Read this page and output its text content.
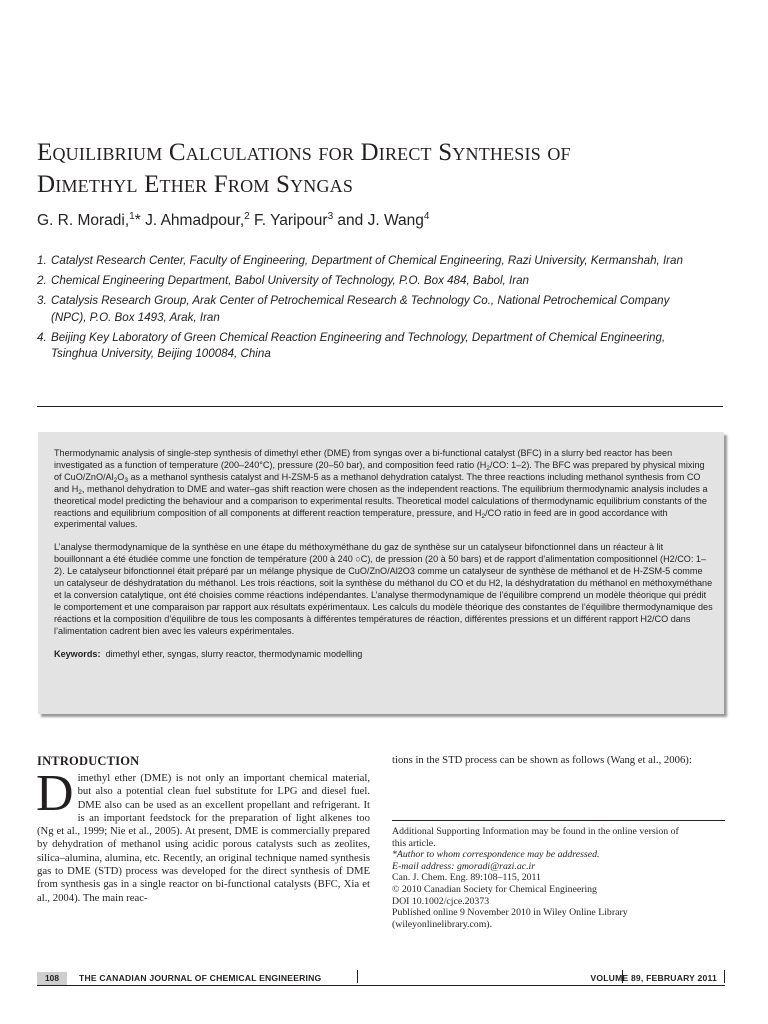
Equilibrium Calculations for Direct Synthesis of
Dimethyl Ether From Syngas
G. R. Moradi,$^1$* J. Ahmadpour,$^2$ F. Yaripour$^3$ and J. Wang$^4$
1. Catalyst Research Center, Faculty of Engineering, Department of Chemical Engineering, Razi University, Kermanshah, Iran
2. Chemical Engineering Department, Babol University of Technology, P.O. Box 484, Babol, Iran
3. Catalysis Research Group, Arak Center of Petrochemical Research & Technology Co., National Petrochemical Company
(NPC), P.O. Box 1493, Arak, Iran
4. Beijing Key Laboratory of Green Chemical Reaction Engineering and Technology, Department of Chemical Engineering,
Tsinghua University, Beijing 100084, China
Thermodynamic analysis of single-step synthesis of dimethyl ether (DME) from syngas over a bi-functional catalyst (BFC) in a slurry bed reactor has been investigated as a function of temperature (200–240°C), pressure (20–50 bar), and composition feed ratio ($H_2/CO$: 1–2). The BFC was prepared by physical mixing of CuO/$ZnO/Al_2O_3$ as a methanol synthesis catalyst and H-ZSM-5 as a methanol dehydration catalyst. The three reactions including methanol synthesis from CO and $H_2$, methanol dehydration to DME and water–gas shift reaction were chosen as the independent reactions. The equilibrium thermodynamic analysis includes a theoretical model predicting the behaviour and a comparison to experimental results. Theoretical model calculations of thermodynamic equilibrium constants of the reactions and equilibrium composition of all components at different reaction temperature, pressure, and $H_2/CO$ ratio in feed are in good accordance with experimental values.
L’analyse thermodynamique de la synthèse en une étape du méthoxyméthane du gaz de synthèse sur un catalyseur bifonctionnel dans un réacteur à lit bouillonnant a été étudiée comme une fonction de température (200 à 240 ○C), de pression (20 à 50 bars) et de rapport d’alimentation compositionnel (H2/CO: 1–2). Le catalyseur bifonctionnel était préparé par un mélange physique de CuO/ZnO/Al2O3 comme un catalyseur de synthèse de méthanol et de H-ZSM-5 comme un catalyseur de déshydratation du méthanol. Les trois réactions, soit la synthèse du méthanol du CO et du H2, la déshydratation du méthanol en méthoxyméthane et la conversion catalytique, ont été choisies comme réactions indépendantes. L’analyse thermodynamique de l’équilibre comprend un modèle théorique qui prédit le comportement et une comparaison par rapport aux résultats expérimentaux. Les calculs du modèle théorique des constantes de l’équilibre thermodynamique des réactions et la composition d’équilibre de tous les composants à différentes températures de réaction, différentes pressions et un différent rapport H2/CO dans l’alimentation cadrent bien avec les valeurs expérimentales.
Keywords: dimethyl ether, syngas, slurry reactor, thermodynamic modelling
INTRODUCTION
Dimethyl ether (DME) is not only an important chemical material, but also a potential clean fuel substitute for LPG and diesel fuel. DME also can be used as an excellent propellant and refrigerant. It is an important feedstock for the preparation of light alkenes too (Ng et al., 1999; Nie et al., 2005). At present, DME is commercially prepared by dehydration of methanol using acidic porous catalysts such as zeolites, silica–alumina, alumina, etc. Recently, an original technique named synthesis gas to DME (STD) process was developed for the direct synthesis of DME from synthesis gas in a single reactor on bi-functional catalysts (BFC, Xia et al., 2004). The main reac-
tions in the STD process can be shown as follows (Wang et al., 2006):
Additional Supporting Information may be found in the online version of
this article.
*Author to whom correspondence may be addressed.
E-mail address: gmoradi@razi.ac.ir
Can. J. Chem. Eng. 89:108–115, 2011
© 2010 Canadian Society for Chemical Engineering
DOI 10.1002/cjce.20373
Published online 9 November 2010 in Wiley Online Library
(wileyonlinelibrary.com).
108	THE CANADIAN JOURNAL OF CHEMICAL ENGINEERING	VOLUME 89, FEBRUARY 2011
